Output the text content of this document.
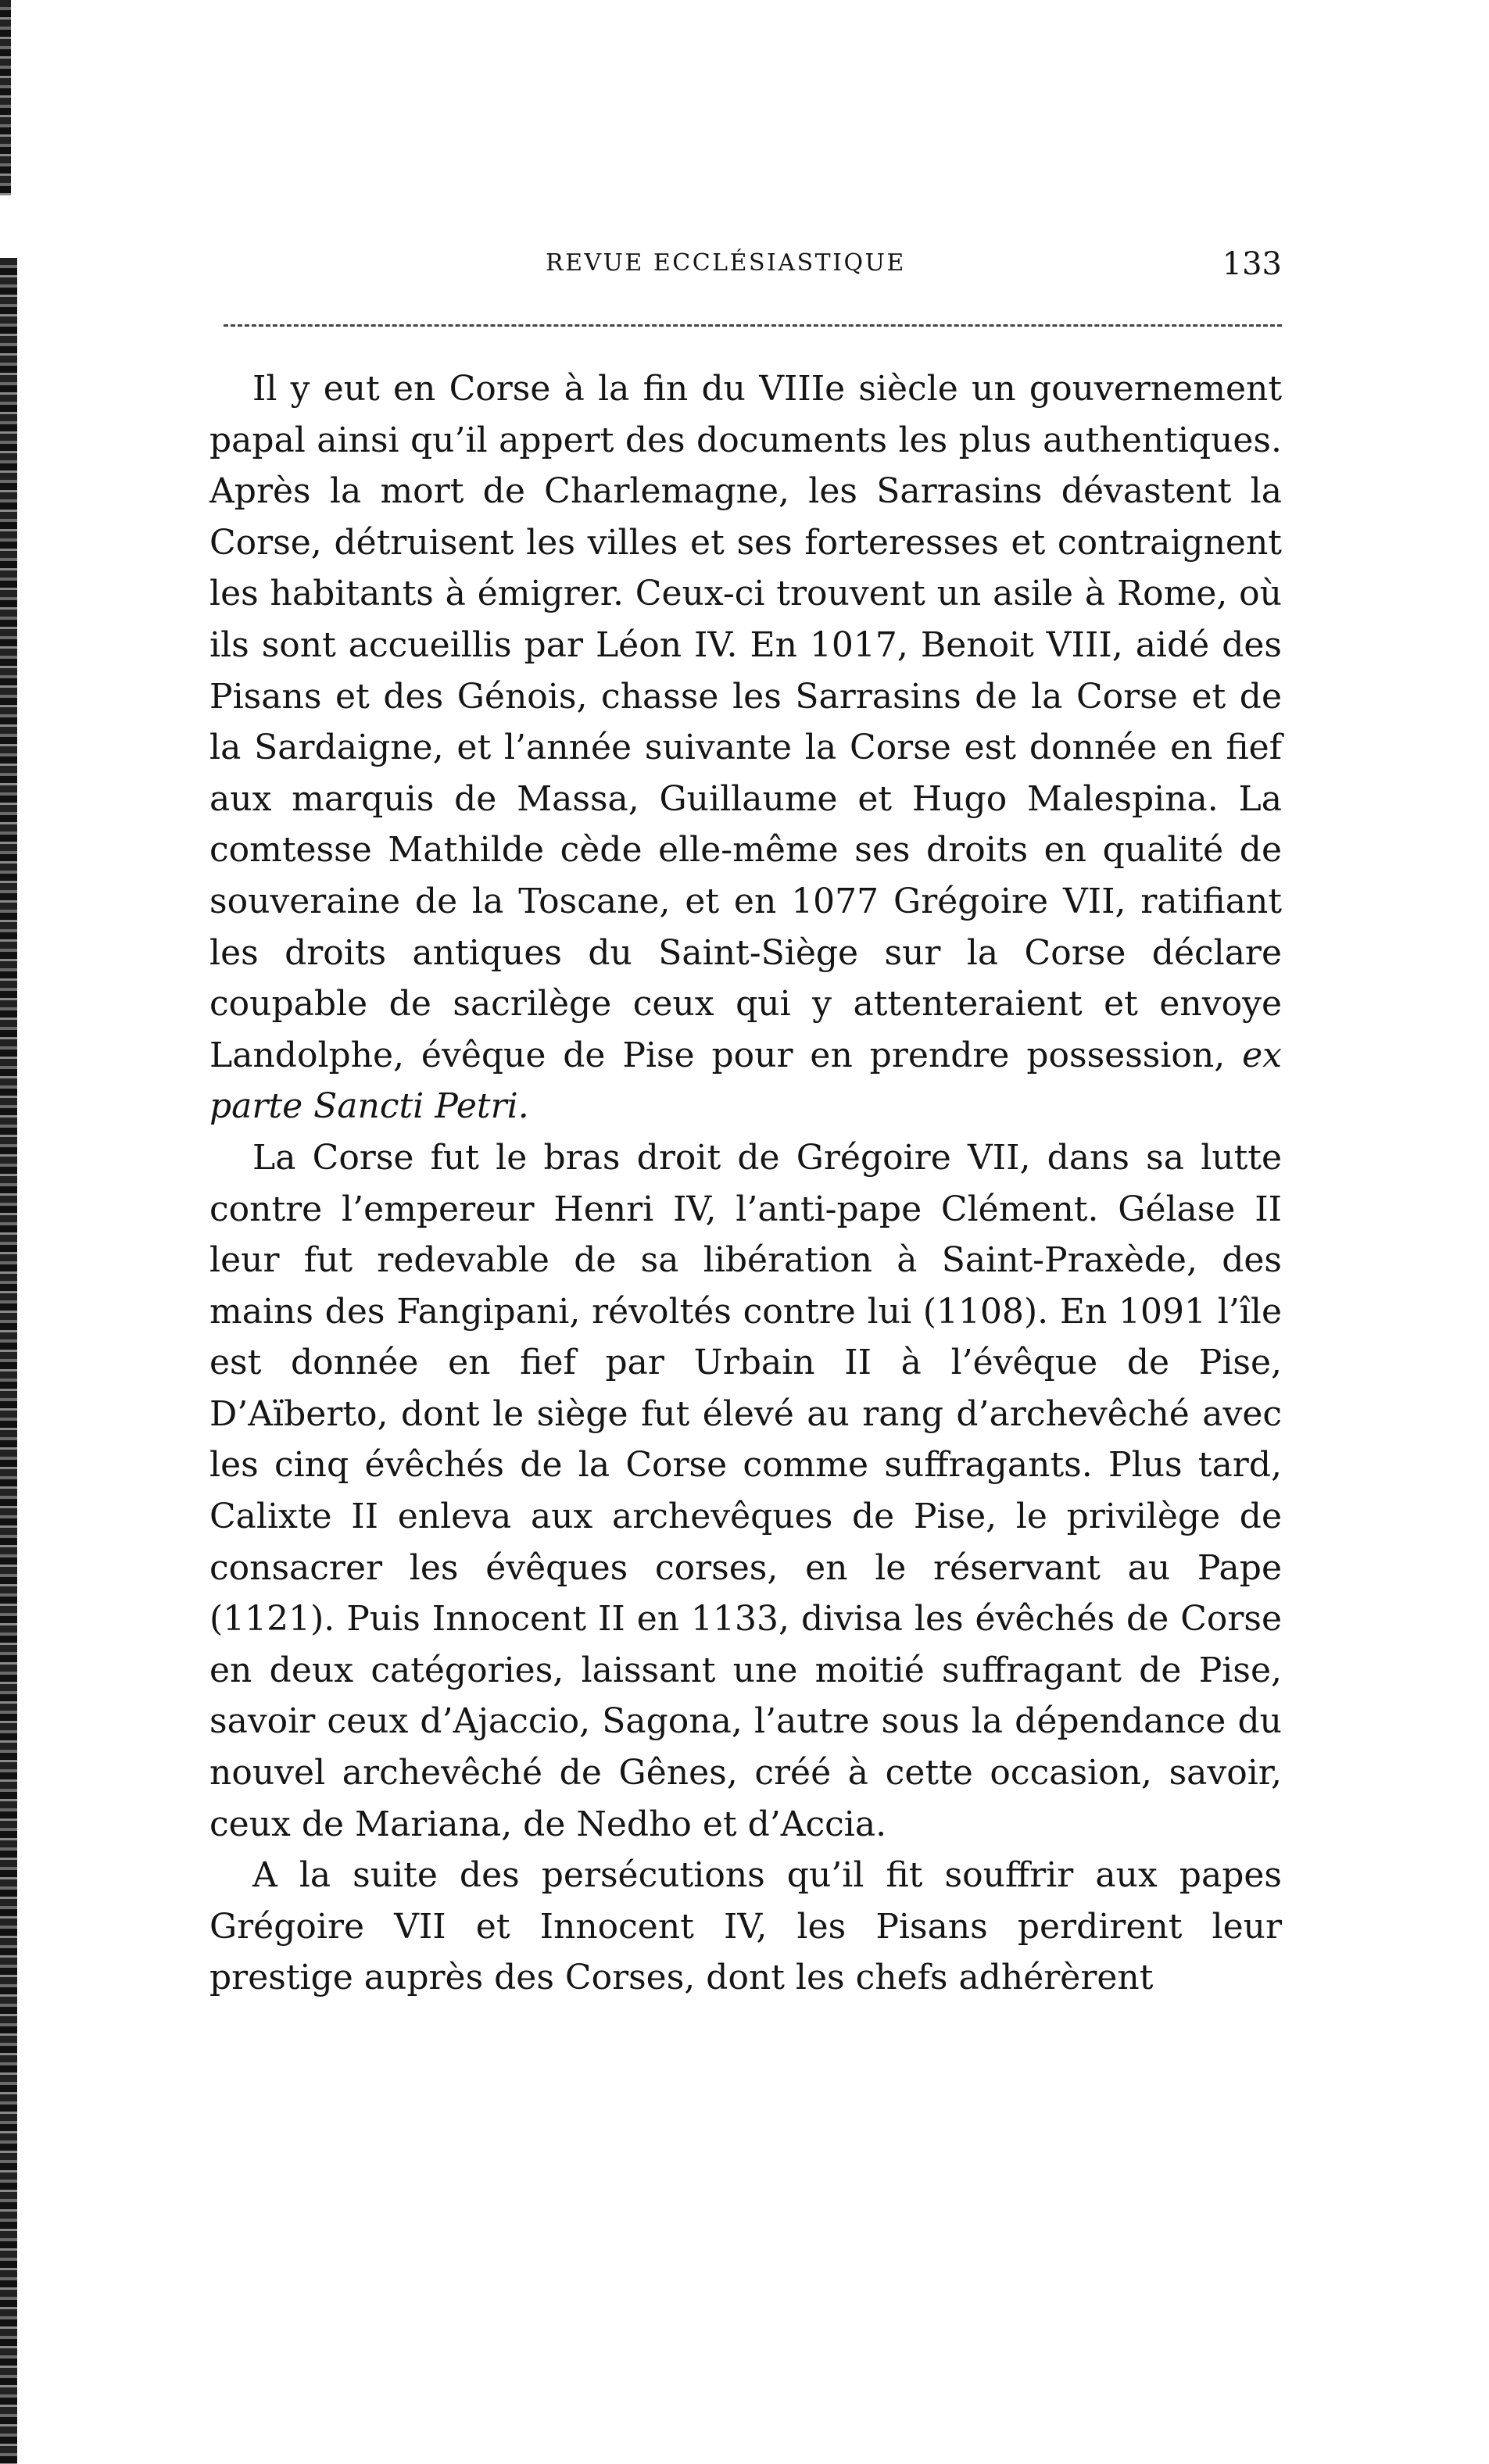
REVUE ECCLÉSIASTIQUE	133

Il y eut en Corse à la fin du VIIIe siècle un gouvernement papal ainsi qu’il appert des documents les plus authentiques. Après la mort de Charlemagne, les Sarrasins dévastent la Corse, détruisent les villes et ses forteresses et contraignent les habitants à émigrer. Ceux-ci trouvent un asile à Rome, où ils sont accueillis par Léon IV. En 1017, Benoit VIII, aidé des Pisans et des Génois, chasse les Sarrasins de la Corse et de la Sardaigne, et l’année suivante la Corse est donnée en fief aux marquis de Massa, Guillaume et Hugo Malespina. La comtesse Mathilde cède elle-même ses droits en qualité de souveraine de la Toscane, et en 1077 Grégoire VII, ratifiant les droits antiques du Saint-Siège sur la Corse déclare coupable de sacrilège ceux qui y attenteraient et envoye Landolphe, évêque de Pise pour en prendre possession, ex parte Sancti Petri.

La Corse fut le bras droit de Grégoire VII, dans sa lutte contre l’empereur Henri IV, l’anti-pape Clément. Gélase II leur fut redevable de sa libération à Saint-Praxède, des mains des Fangipani, révoltés contre lui (1108). En 1091 l’île est donnée en fief par Urbain II à l’évêque de Pise, D’Aïberto, dont le siège fut élevé au rang d’archevêché avec les cinq évêchés de la Corse comme suffragants. Plus tard, Calixte II enleva aux archevêques de Pise, le privilège de consacrer les évêques corses, en le réservant au Pape (1121). Puis Innocent II en 1133, divisa les évêchés de Corse en deux catégories, laissant une moitié suffragant de Pise, savoir ceux d’Ajaccio, Sagona, l’autre sous la dépendance du nouvel archevêché de Gênes, créé à cette occasion, savoir, ceux de Mariana, de Nedho et d’Accia.

A la suite des persécutions qu’il fit souffrir aux papes Grégoire VII et Innocent IV, les Pisans perdirent leur prestige auprès des Corses, dont les chefs adhérèrent
